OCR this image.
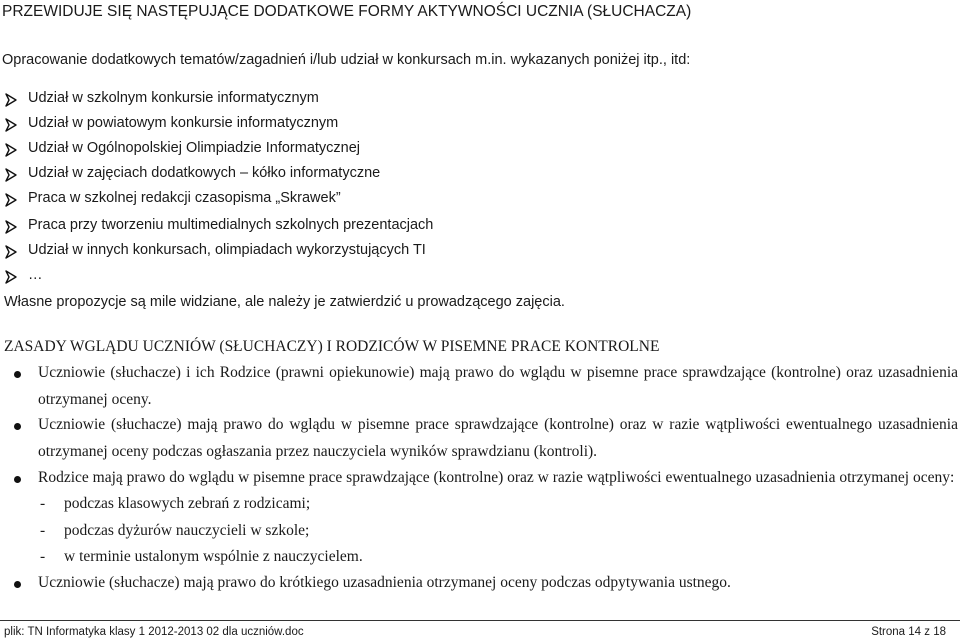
PRZEWIDUJE SIĘ NASTĘPUJĄCE DODATKOWE FORMY AKTYWNOŚCI UCZNIA (SŁUCHACZA)
Opracowanie dodatkowych tematów/zagadnień i/lub udział w konkursach m.in. wykazanych poniżej itp., itd:
Udział w szkolnym konkursie informatycznym
Udział w powiatowym konkursie informatycznym
Udział w Ogólnopolskiej Olimpiadzie Informatycznej
Udział w zajęciach dodatkowych – kółko informatyczne
Praca w szkolnej redakcji czasopisma „Skrawek”
Praca przy tworzeniu multimedialnych szkolnych prezentacjach
Udział w innych konkursach, olimpiadach wykorzystujących TI
…
Własne propozycje są mile widziane, ale należy je zatwierdzić u prowadzącego zajęcia.
ZASADY WGLĄDU UCZNIÓW (SŁUCHACZY) I RODZICÓW W PISEMNE PRACE KONTROLNE
Uczniowie (słuchacze) i ich Rodzice (prawni opiekunowie) mają prawo do wglądu w pisemne prace sprawdzające (kontrolne) oraz uzasadnienia
otrzymanej oceny.
Uczniowie (słuchacze) mają prawo do wglądu w pisemne prace sprawdzające (kontrolne) oraz w razie wątpliwości ewentualnego uzasadnienia
otrzymanej oceny podczas ogłaszania przez nauczyciela wyników sprawdzianu (kontroli).
Rodzice mają prawo do wglądu w pisemne prace sprawdzające (kontrolne) oraz w razie wątpliwości ewentualnego uzasadnienia otrzymanej oceny:
- podczas klasowych zebrań z rodzicami;
- podczas dyżurów nauczycieli w szkole;
- w terminie ustalonym wspólnie z nauczycielem.
Uczniowie (słuchacze) mają prawo do krótkiego uzasadnienia otrzymanej oceny podczas odpytywania ustnego.
plik: TN Informatyka klasy 1 2012-2013 02 dla uczniów.doc	Strona 14 z 18
